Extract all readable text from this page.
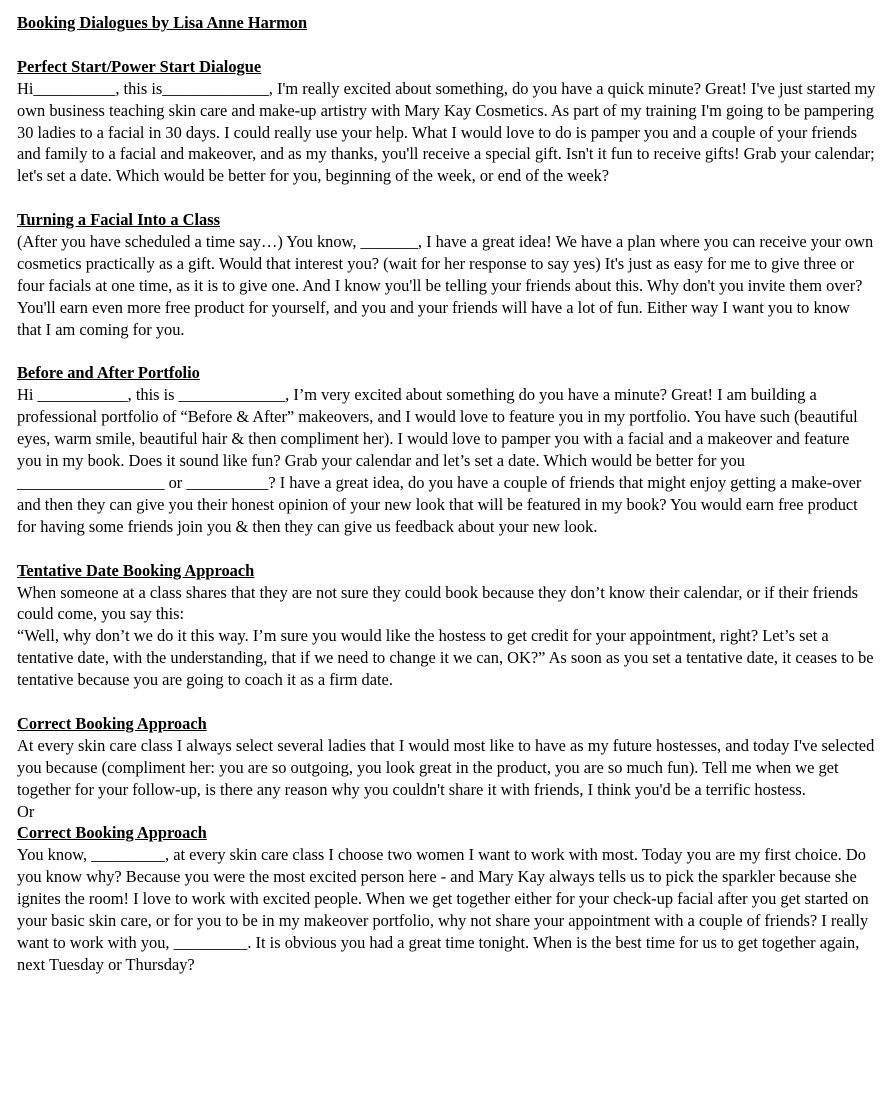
Booking Dialogues by Lisa Anne Harmon
Perfect Start/Power Start Dialogue
Hi__________, this is_____________, I'm really excited about something, do you have a quick minute? Great! I've just started my own business teaching skin care and make-up artistry with Mary Kay Cosmetics. As part of my training I'm going to be pampering 30 ladies to a facial in 30 days. I could really use your help. What I would love to do is pamper you and a couple of your friends and family to a facial and makeover, and as my thanks, you'll receive a special gift. Isn't it fun to receive gifts! Grab your calendar; let's set a date. Which would be better for you, beginning of the week, or end of the week?
Turning a Facial Into a Class
(After you have scheduled a time say…) You know, _______, I have a great idea! We have a plan where you can receive your own cosmetics practically as a gift. Would that interest you? (wait for her response to say yes) It's just as easy for me to give three or four facials at one time, as it is to give one. And I know you'll be telling your friends about this. Why don't you invite them over? You'll earn even more free product for yourself, and you and your friends will have a lot of fun. Either way I want you to know that I am coming for you.
Before and After Portfolio
Hi ___________, this is _____________, I’m very excited about something do you have a minute? Great! I am building a professional portfolio of “Before & After” makeovers, and I would love to feature you in my portfolio. You have such (beautiful eyes, warm smile, beautiful hair & then compliment her). I would love to pamper you with a facial and a makeover and feature you in my book. Does it sound like fun? Grab your calendar and let’s set a date. Which would be better for you __________________ or __________? I have a great idea, do you have a couple of friends that might enjoy getting a make-over and then they can give you their honest opinion of your new look that will be featured in my book? You would earn free product for having some friends join you & then they can give us feedback about your new look.
Tentative Date Booking Approach
When someone at a class shares that they are not sure they could book because they don’t know their calendar, or if their friends could come, you say this:
“Well, why don’t we do it this way. I’m sure you would like the hostess to get credit for your appointment, right? Let’s set a tentative date, with the understanding, that if we need to change it we can, OK?” As soon as you set a tentative date, it ceases to be tentative because you are going to coach it as a firm date.
Correct Booking Approach
At every skin care class I always select several ladies that I would most like to have as my future hostesses, and today I've selected you because (compliment her: you are so outgoing, you look great in the product, you are so much fun). Tell me when we get together for your follow-up, is there any reason why you couldn't share it with friends, I think you'd be a terrific hostess.
Or
Correct Booking Approach
You know, _________, at every skin care class I choose two women I want to work with most. Today you are my first choice. Do you know why? Because you were the most excited person here - and Mary Kay always tells us to pick the sparkler because she ignites the room! I love to work with excited people. When we get together either for your check-up facial after you get started on your basic skin care, or for you to be in my makeover portfolio, why not share your appointment with a couple of friends? I really want to work with you, _________. It is obvious you had a great time tonight. When is the best time for us to get together again, next Tuesday or Thursday?
